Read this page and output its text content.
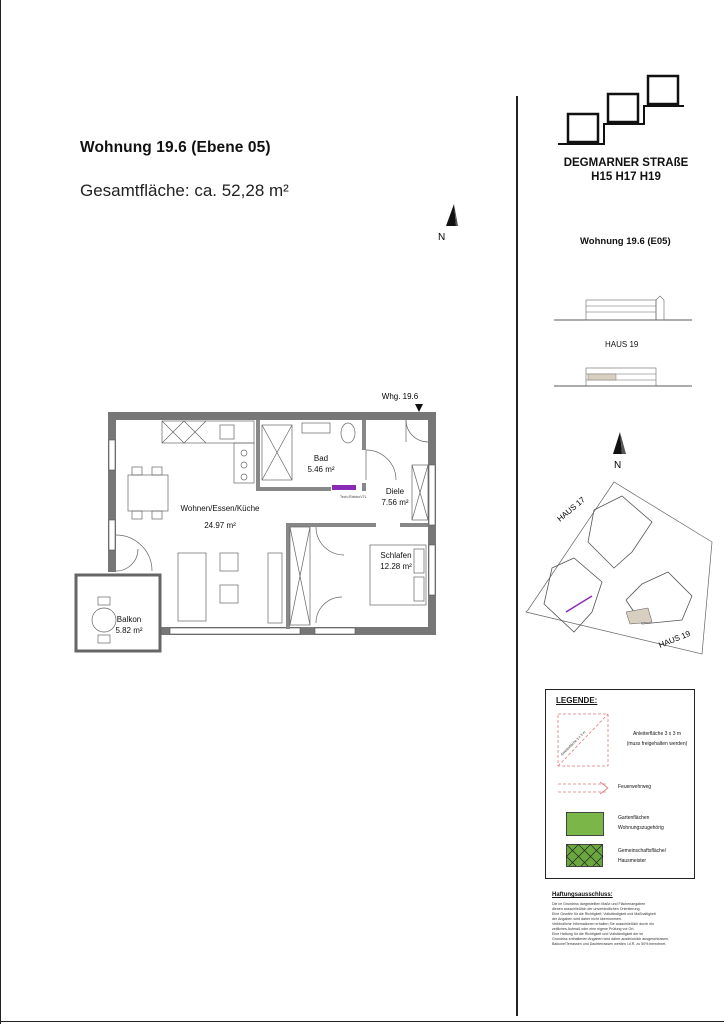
Wohnung 19.6 (Ebene 05)
Gesamtfläche: ca. 52,28 m²
N
Whg. 19.6
Tech./ElektroVTL
Bad
5.46 m²
Diele
7.56 m²
Wohnen/Essen/Küche
24.97 m²
Schlafen
12.28 m²
Balkon
5.82 m²
DEGMARNER STRAßE
H15 H17 H19
Wohnung 19.6 (E05)
HAUS 19
N
HAUS 17
HAUS 19
LEGENDE:
Anleiterfläche 3 x 3 m	Anleiterfläche 3 x 3 m
(muss freigehalten werden)
Feuerwehrweg
Gartenflächen
Wohnungszugehörig
Gemeinschaftsfläche/
Hausmeister
Haftungsausschluss:
Die im Grundriss dargestellten Maße und Flächenangaben
dienen ausschließlich der unverbindlichen Orientierung.
Eine Gewähr für die Richtigkeit, Vollständigkeit und Maßhaltigkeit
der Angaben wird daher nicht übernommen.
Verbindliche Informationen erhalten Sie ausschließlich durch ein
zeitliches Aufmaß oder eine eigene Prüfung vor Ort.
Eine Haftung für die Richtigkeit und Vollständigkeit der im
Grundriss enthaltenen Angaben wird daher ausdrücklich ausgeschlossen.
Balkone/Terrassen und Dachterrassen werden i.d.R. zu 50% berechnet.
